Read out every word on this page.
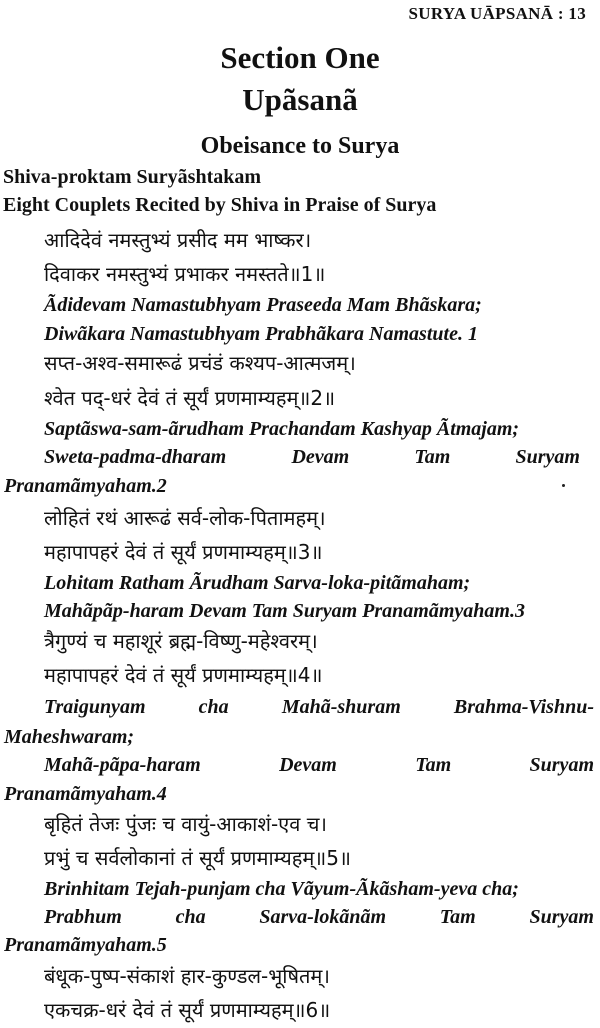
SURYA UĀPSANĀ : 13
Section One
Upãsanã
Obeisance to Surya
Shiva-proktam Suryãshtakam
Eight Couplets Recited by Shiva in Praise of Surya
आदिदेवं नमस्तुभ्यं प्रसीद मम भाष्कर।
दिवाकर नमस्तुभ्यं प्रभाकर नमस्तते॥1॥
Ãdidevam Namastubhyam Praseeda Mam Bhãskara;
Diwãkara Namastubhyam Prabhãkara Namastute. 1
सप्त-अश्व-समारूढं प्रचंडं कश्यप-आत्मजम्।
श्वेत पद्-धरं देवं तं सूर्यं प्रणमाम्यहम्॥2॥
Saptãswa-sam-ãrudham Prachandam Kashyap Ãtmajam;
Sweta-padma-dharam	Devam	Tam	Suryam
Pranamãmyaham.2
लोहितं रथं आरूढं सर्व-लोक-पितामहम्।
महापापहरं देवं तं सूर्यं प्रणमाम्यहम्॥3॥
Lohitam Ratham Ãrudham Sarva-loka-pitãmaham;
Mahãpãp-haram Devam Tam Suryam Pranamãmyaham.3
त्रैगुण्यं च महाशूरं ब्रह्म-विष्णु-महेश्वरम्।
महापापहरं देवं तं सूर्यं प्रणमाम्यहम्॥4॥
Traigunyam	cha	Mahã-shuram	Brahma-Vishnu-
Maheshwaram;
Mahã-pãpa-haram	Devam	Tam	Suryam
Pranamãmyaham.4
बृहितं तेजः पुंजः च वायुं-आकाशं-एव च।
प्रभुं च सर्वलोकानां तं सूर्यं प्रणमाम्यहम्॥5॥
Brinhitam Tejah-punjam cha Vãyum-Ãkãsham-yeva cha;
Prabhum	cha	Sarva-lokãnãm	Tam	Suryam
Pranamãmyaham.5
बंधूक-पुष्प-संकाशं हार-कुण्डल-भूषितम्।
एकचक्र-धरं देवं तं सूर्यं प्रणमाम्यहम्॥6॥
